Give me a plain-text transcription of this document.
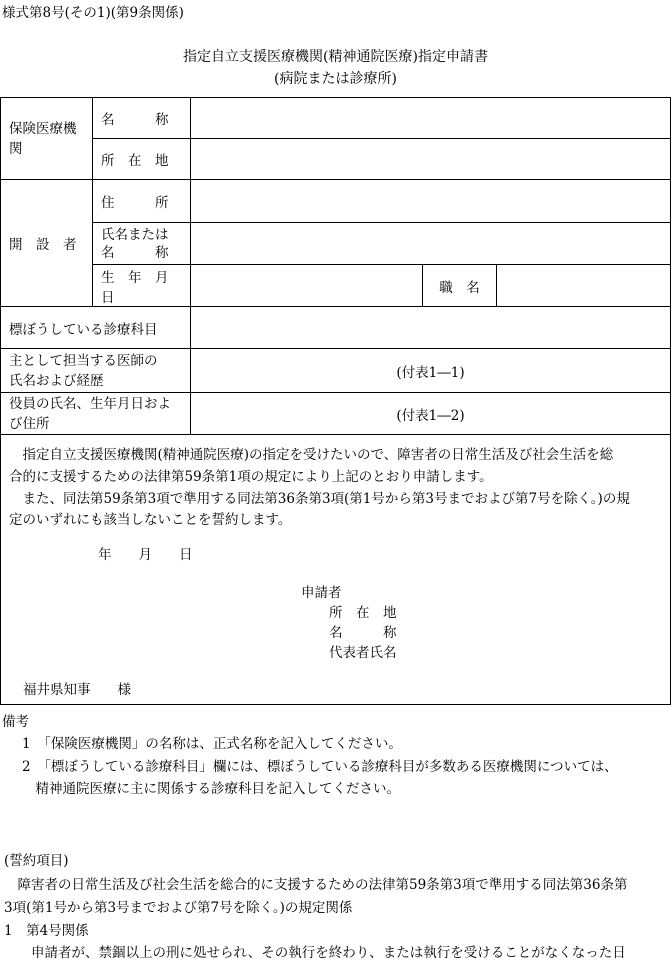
様式第8号(その1)(第9条関係)
指定自立支援医療機関(精神通院医療)指定申請書
(病院または診療所)
保険医療機関	名　　　称			
	所　在　地			
開　設　者	住　　　所			

	氏名または
名　　　称			

	生　年　月　日		職　名	
標ぼうしている診療科目				

主として担当する医師の
氏名および経歴		(付表1―1)		

役員の氏名、生年月日およ
び住所		(付表1―2)		
　指定自立支援医療機関(精神通院医療)の指定を受けたいので、障害者の日常生活及び社会生活を総
合的に支援するための法律第59条第1項の規定により上記のとおり申請します。
　また、同法第59条第3項で準用する同法第36条第3項(第1号から第3号までおよび第7号を除く。)の規
定のいずれにも該当しないことを誓約します。
年　　月　　日
申請者
所　在　地
名　　　称
代表者氏名
福井県知事　　様
備考
1　「保険医療機関」の名称は、正式名称を記入してください。
2　「標ぼうしている診療科目」欄には、標ぼうしている診療科目が多数ある医療機関については、
　精神通院医療に主に関係する診療科目を記入してください。
(誓約項目)
　障害者の日常生活及び社会生活を総合的に支援するための法律第59条第3項で準用する同法第36条第
3項(第1号から第3号までおよび第7号を除く。)の規定関係
1　第4号関係
　　申請者が、禁錮以上の刑に処せられ、その執行を終わり、または執行を受けることがなくなった日
